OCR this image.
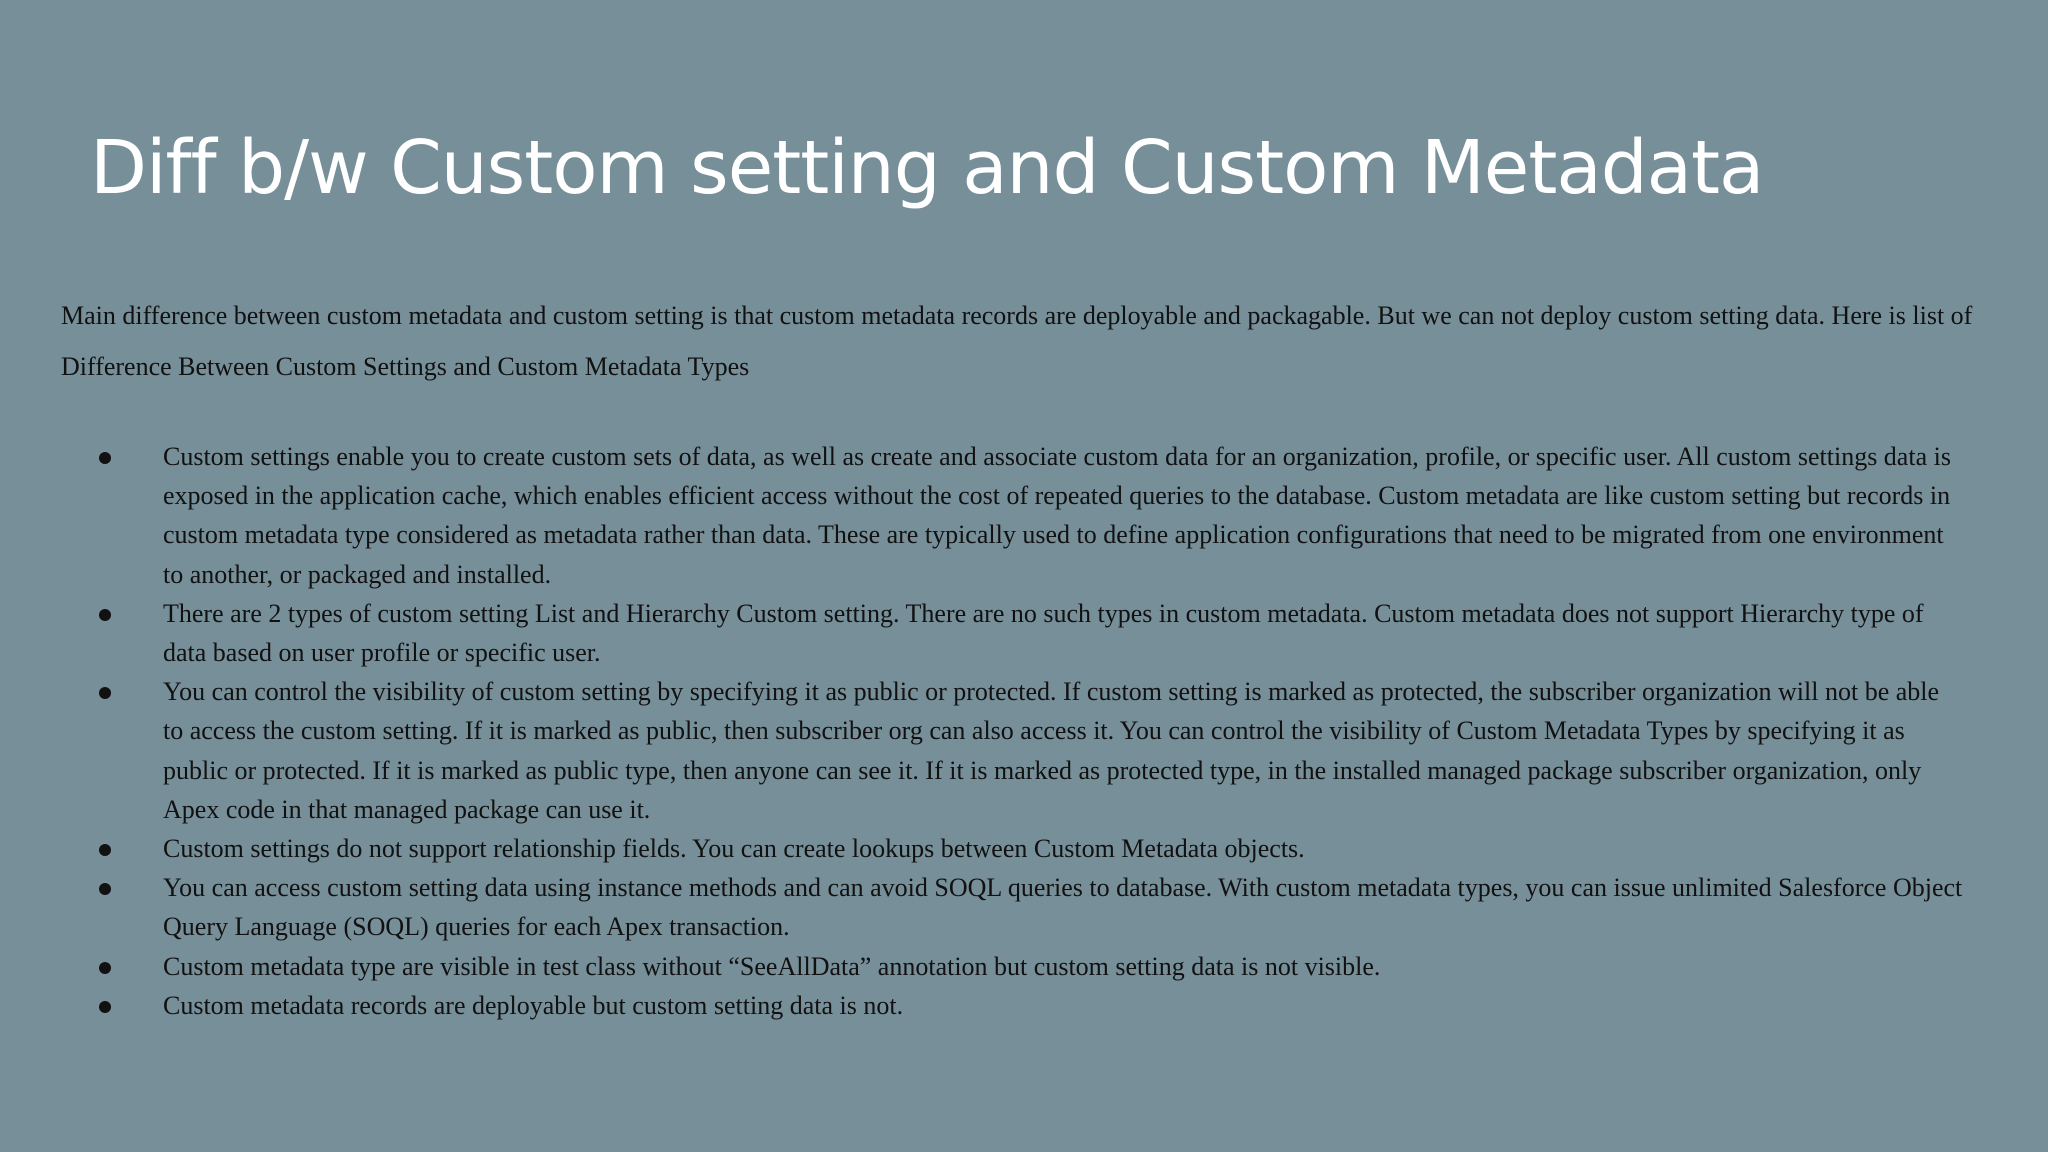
Diff b/w Custom setting and Custom Metadata

Main difference between custom metadata and custom setting is that custom metadata records are deployable and packagable. But we can not deploy custom setting data. Here is list of Difference Between Custom Settings and Custom Metadata Types

Custom settings enable you to create custom sets of data, as well as create and associate custom data for an organization, profile, or specific user. All custom settings data is exposed in the application cache, which enables efficient access without the cost of repeated queries to the database. Custom metadata are like custom setting but records in custom metadata type considered as metadata rather than data. These are typically used to define application configurations that need to be migrated from one environment to another, or packaged and installed.
There are 2 types of custom setting List and Hierarchy Custom setting. There are no such types in custom metadata. Custom metadata does not support Hierarchy type of data based on user profile or specific user.
You can control the visibility of custom setting by specifying it as public or protected. If custom setting is marked as protected, the subscriber organization will not be able to access the custom setting. If it is marked as public, then subscriber org can also access it. You can control the visibility of Custom Metadata Types by specifying it as public or protected. If it is marked as public type, then anyone can see it. If it is marked as protected type, in the installed managed package subscriber organization, only Apex code in that managed package can use it.
Custom settings do not support relationship fields. You can create lookups between Custom Metadata objects.
You can access custom setting data using instance methods and can avoid SOQL queries to database. With custom metadata types, you can issue unlimited Salesforce Object Query Language (SOQL) queries for each Apex transaction.
Custom metadata type are visible in test class without “SeeAllData” annotation but custom setting data is not visible.
Custom metadata records are deployable but custom setting data is not.
